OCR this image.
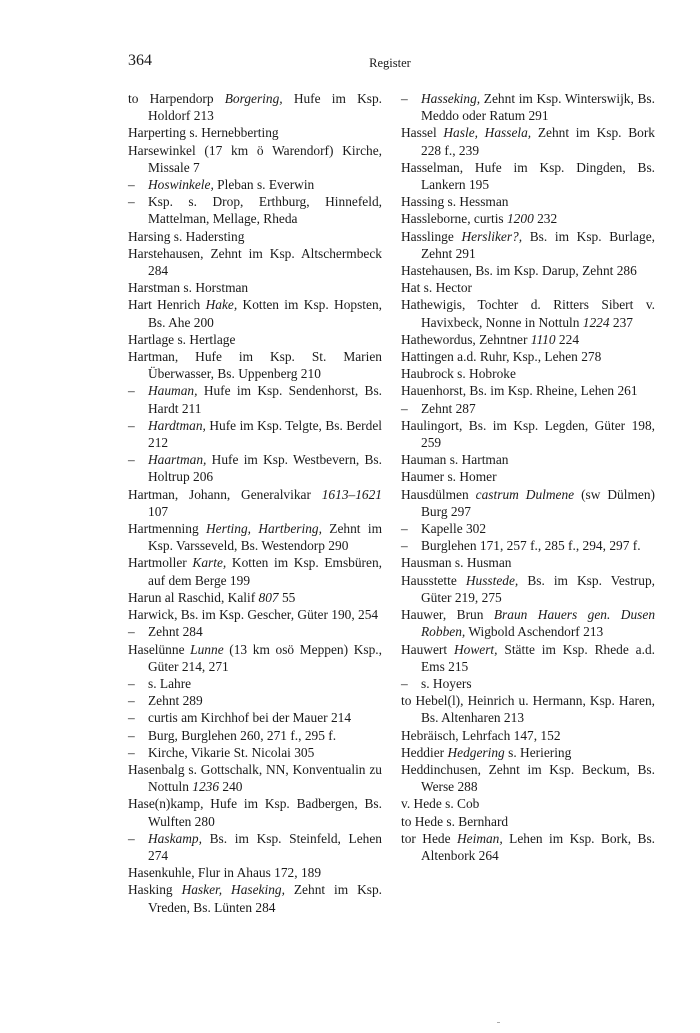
364	Register

to Harpendorp Borgering, Hufe im Ksp. Holdorf 213

Harperting s. Hernebberting

Harsewinkel (17 km ö Warendorf) Kirche, Missale 7

– Hoswinkele, Pleban s. Everwin

– Ksp. s. Drop, Erthburg, Hinnefeld, Mattelman, Mellage, Rheda

Harsing s. Hadersting

Harstehausen, Zehnt im Ksp. Altschermbeck 284

Harstman s. Horstman

Hart Henrich Hake, Kotten im Ksp. Hopsten, Bs. Ahe 200

Hartlage s. Hertlage

Hartman, Hufe im Ksp. St. Marien Überwasser, Bs. Uppenberg 210

– Hauman, Hufe im Ksp. Sendenhorst, Bs. Hardt 211

– Hardtman, Hufe im Ksp. Telgte, Bs. Berdel 212

– Haartman, Hufe im Ksp. Westbevern, Bs. Holtrup 206

Hartman, Johann, Generalvikar 1613–1621 107

Hartmenning Herting, Hartbering, Zehnt im Ksp. Varsseveld, Bs. Westendorp 290

Hartmoller Karte, Kotten im Ksp. Emsbüren, auf dem Berge 199

Harun al Raschid, Kalif 807 55

Harwick, Bs. im Ksp. Gescher, Güter 190, 254

– Zehnt 284

Haselünne Lunne (13 km osö Meppen) Ksp., Güter 214, 271

– s. Lahre

– Zehnt 289

– curtis am Kirchhof bei der Mauer 214

– Burg, Burglehen 260, 271 f., 295 f.

– Kirche, Vikarie St. Nicolai 305

Hasenbalg s. Gottschalk, NN, Konventualin zu Nottuln 1236 240

Hase(n)kamp, Hufe im Ksp. Badbergen, Bs. Wulften 280

– Haskamp, Bs. im Ksp. Steinfeld, Lehen 274

Hasenkuhle, Flur in Ahaus 172, 189

Hasking Hasker, Haseking, Zehnt im Ksp. Vreden, Bs. Lünten 284

– Hasseking, Zehnt im Ksp. Winterswijk, Bs. Meddo oder Ratum 291

Hassel Hasle, Hassela, Zehnt im Ksp. Bork 228 f., 239

Hasselman, Hufe im Ksp. Dingden, Bs. Lankern 195

Hassing s. Hessman

Hassleborne, curtis 1200 232

Hasslinge Hersliker?, Bs. im Ksp. Burlage, Zehnt 291

Hastehausen, Bs. im Ksp. Darup, Zehnt 286

Hat s. Hector

Hathewigis, Tochter d. Ritters Sibert v. Havixbeck, Nonne in Nottuln 1224 237

Hathewordus, Zehntner 1110 224

Hattingen a.d. Ruhr, Ksp., Lehen 278

Haubrock s. Hobroke

Hauenhorst, Bs. im Ksp. Rheine, Lehen 261

– Zehnt 287

Haulingort, Bs. im Ksp. Legden, Güter 198, 259

Hauman s. Hartman

Haumer s. Homer

Hausdülmen castrum Dulmene (sw Dülmen) Burg 297

– Kapelle 302

– Burglehen 171, 257 f., 285 f., 294, 297 f.

Hausman s. Husman

Hausstette Husstede, Bs. im Ksp. Vestrup, Güter 219, 275

Hauwer, Brun Braun Hauers gen. Dusen Robben, Wigbold Aschendorf 213

Hauwert Howert, Stätte im Ksp. Rhede a.d. Ems 215

– s. Hoyers

to Hebel(l), Heinrich u. Hermann, Ksp. Haren, Bs. Altenharen 213

Hebräisch, Lehrfach 147, 152

Heddier Hedgering s. Heriering

Heddinchusen, Zehnt im Ksp. Beckum, Bs. Werse 288

v. Hede s. Cob

to Hede s. Bernhard

tor Hede Heiman, Lehen im Ksp. Bork, Bs. Altenbork 264
